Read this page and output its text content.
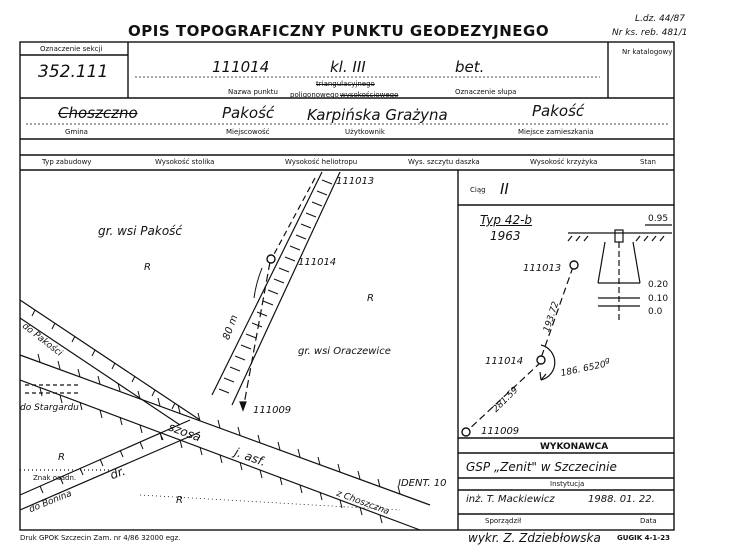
OPIS TOPOGRAFICZNY PUNKTU GEODEZYJNEGO
L.dz. 44/87
Nr ks. reb. 481/1
Oznaczenie sekcji
352.111	111014	kl. III	bet.
Nazwa punktu
triangulacyjnego
poligonowego wysokościowego	Oznaczenie słupa
Nr katalogowy
Choszczno
Gmina
Pakość
Miejscowość
Karpińska Grażyna
Użytkownik
Pakość
Miejsce zamieszkania
Typ zabudowy	Wysokość stolika	Wysokość heliotropu	Wys. szczytu daszka	Wysokość krzyżyka	Stan
111013
111014
111009
gr. wsi Pakość
gr. wsi Oraczewice
R
R
R
R
80 m
do Pakości
do Stargardu
szosa
j. asf.
dr.
Znak osadn.
do Bonina	z Choszczna
IDENT. 10
Ciąg II
Typ 42-b
1963
0.95
0.20
0.10
0.0
111013
111014
111009
193.72
281.59
186. 6520$^g$
WYKONAWCA
GSP „Zenit" w Szczecinie
Instytucja
inż. T. Mackiewicz	1988. 01. 22.
Sporządził	Data
Druk GPOK Szczecin Zam. nr 4/86 32000 egz.	wykr. Z. Zdziebłowska GUGIK 4-1-23
